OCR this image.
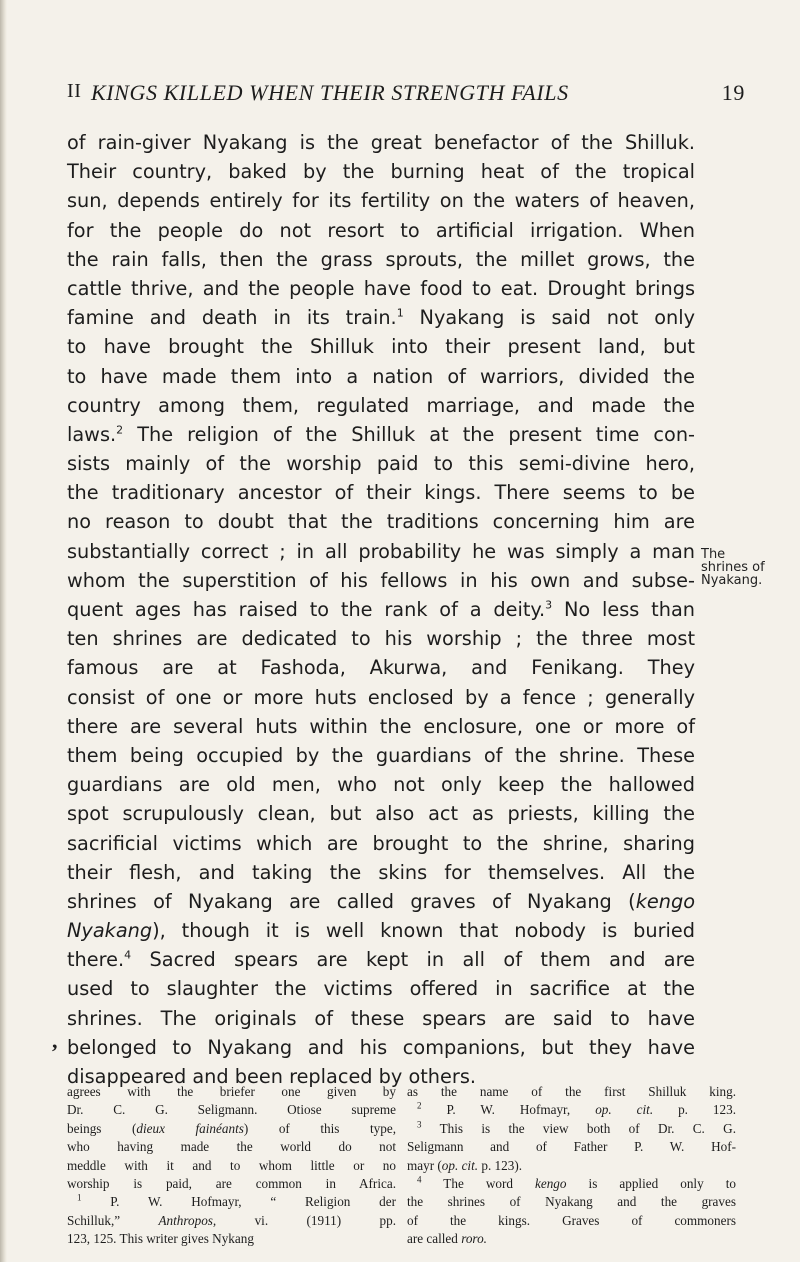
II KINGS KILLED WHEN THEIR STRENGTH FAILS	19
of rain-giver Nyakang is the great benefactor of the Shilluk.
Their country, baked by the burning heat of the tropical
sun, depends entirely for its fertility on the waters of heaven,
for the people do not resort to artificial irrigation. When
the rain falls, then the grass sprouts, the millet grows, the
cattle thrive, and the people have food to eat. Drought brings
famine and death in its train.$^1$ Nyakang is said not only
to have brought the Shilluk into their present land, but
to have made them into a nation of warriors, divided the
country among them, regulated marriage, and made the
laws.$^2$ The religion of the Shilluk at the present time con-
sists mainly of the worship paid to this semi-divine hero,
the traditionary ancestor of their kings. There seems to be
no reason to doubt that the traditions concerning him are
substantially correct ; in all probability he was simply a man
whom the superstition of his fellows in his own and subse-
quent ages has raised to the rank of a deity.$^3$ No less than
ten shrines are dedicated to his worship ; the three most
famous are at Fashoda, Akurwa, and Fenikang. They
consist of one or more huts enclosed by a fence ; generally
there are several huts within the enclosure, one or more of
them being occupied by the guardians of the shrine. These
guardians are old men, who not only keep the hallowed
spot scrupulously clean, but also act as priests, killing the
sacrificial victims which are brought to the shrine, sharing
their flesh, and taking the skins for themselves. All the
shrines of Nyakang are called graves of Nyakang (kengo
Nyakang), though it is well known that nobody is buried
there.$^4$ Sacred spears are kept in all of them and are
used to slaughter the victims offered in sacrifice at the
shrines. The originals of these spears are said to have
belonged to Nyakang and his companions, but they have
disappeared and been replaced by others.
The
shrines of
Nyakang.
,
agrees with the briefer one given by
Dr. C. G. Seligmann. Otiose supreme
beings (dieux fainéants) of this type,
who having made the world do not
meddle with it and to whom little or no
worship is paid, are common in Africa.
$^1$ P. W. Hofmayr, “ Religion der
Schilluk,” Anthropos, vi. (1911) pp.
123, 125. This writer gives Nykang
as the name of the first Shilluk king.
$^2$ P. W. Hofmayr, op. cit. p. 123.
$^3$ This is the view both of Dr. C. G.
Seligmann and of Father P. W. Hof-
mayr (op. cit. p. 123).
$^4$ The word kengo is applied only to
the shrines of Nyakang and the graves
of the kings. Graves of commoners
are called roro.
